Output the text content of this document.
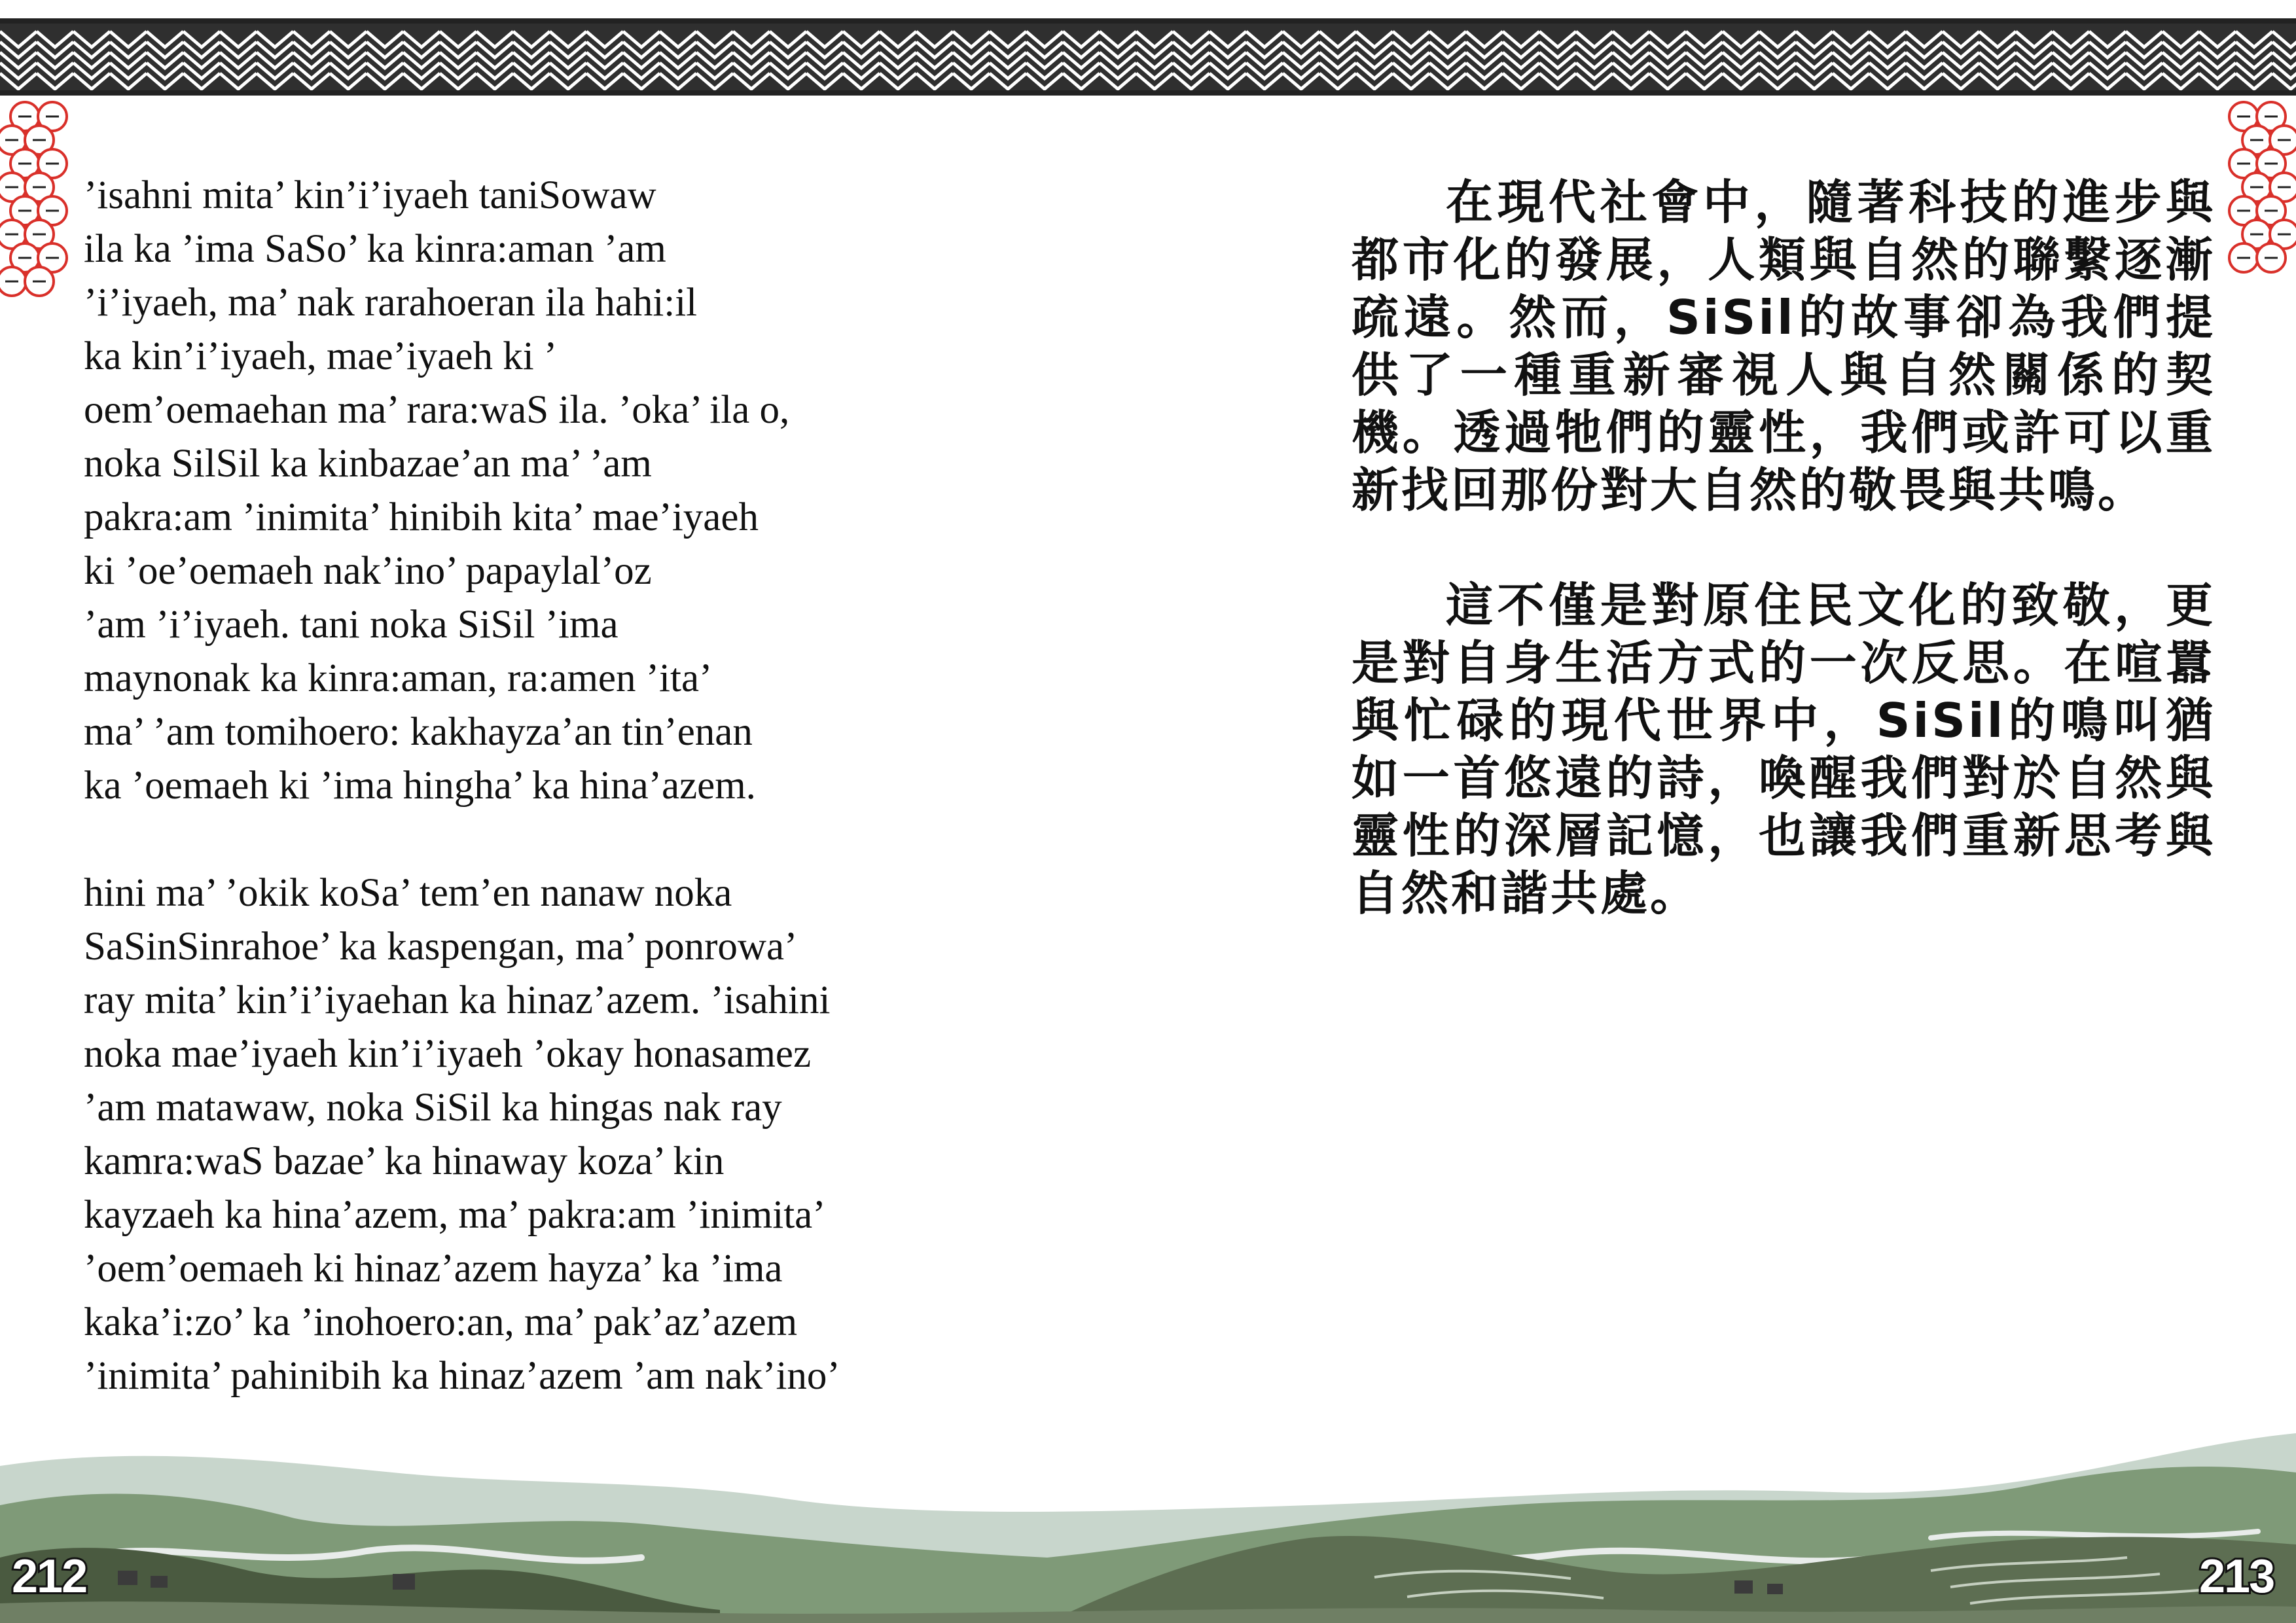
’isahni mita’ kin’i’iyaeh taniSowaw
ila ka ’ima SaSo’ ka kinra:aman ’am
’i’iyaeh, ma’ nak rarahoeran ila hahi:il
ka kin’i’iyaeh, mae’iyaeh ki ’
oem’oemaehan ma’ rara:waS ila. ’oka’ ila o,
noka SilSil ka kinbazae’an ma’ ’am
pakra:am ’inimita’ hinibih kita’ mae’iyaeh
ki ’oe’oemaeh nak’ino’ papaylal’oz
’am ’i’iyaeh. tani noka SiSil ’ima
maynonak ka kinra:aman, ra:amen ’ita’
ma’ ’am tomihoero: kakhayza’an tin’enan
ka ’oemaeh ki ’ima hingha’ ka hina’azem.

hini ma’ ’okik koSa’ tem’en nanaw noka
SaSinSinrahoe’ ka kaspengan, ma’ ponrowa’
ray mita’ kin’i’iyaehan ka hinaz’azem. ’isahini
noka mae’iyaeh kin’i’iyaeh ’okay honasamez
’am matawaw, noka SiSil ka hingas nak ray
kamra:waS bazae’ ka hinaway koza’ kin
kayzaeh ka hina’azem, ma’ pakra:am ’inimita’
’oem’oemaeh ki hinaz’azem hayza’ ka ’ima
kaka’i:zo’ ka ’inohoero:an, ma’ pak’az’azem
’inimita’ pahinibih ka hinaz’azem ’am nak’ino’

在現代社會中，隨著科技的進步與都市化的發展，人類與自然的聯繫逐漸疏遠。然而，SiSil的故事卻為我們提供了一種重新審視人與自然關係的契機。透過牠們的靈性，我們或許可以重新找回那份對大自然的敬畏與共鳴。

這不僅是對原住民文化的致敬，更是對自身生活方式的一次反思。在喧囂與忙碌的現代世界中，SiSil的鳴叫猶如一首悠遠的詩，喚醒我們對於自然與靈性的深層記憶，也讓我們重新思考與自然和諧共處。

212	213
